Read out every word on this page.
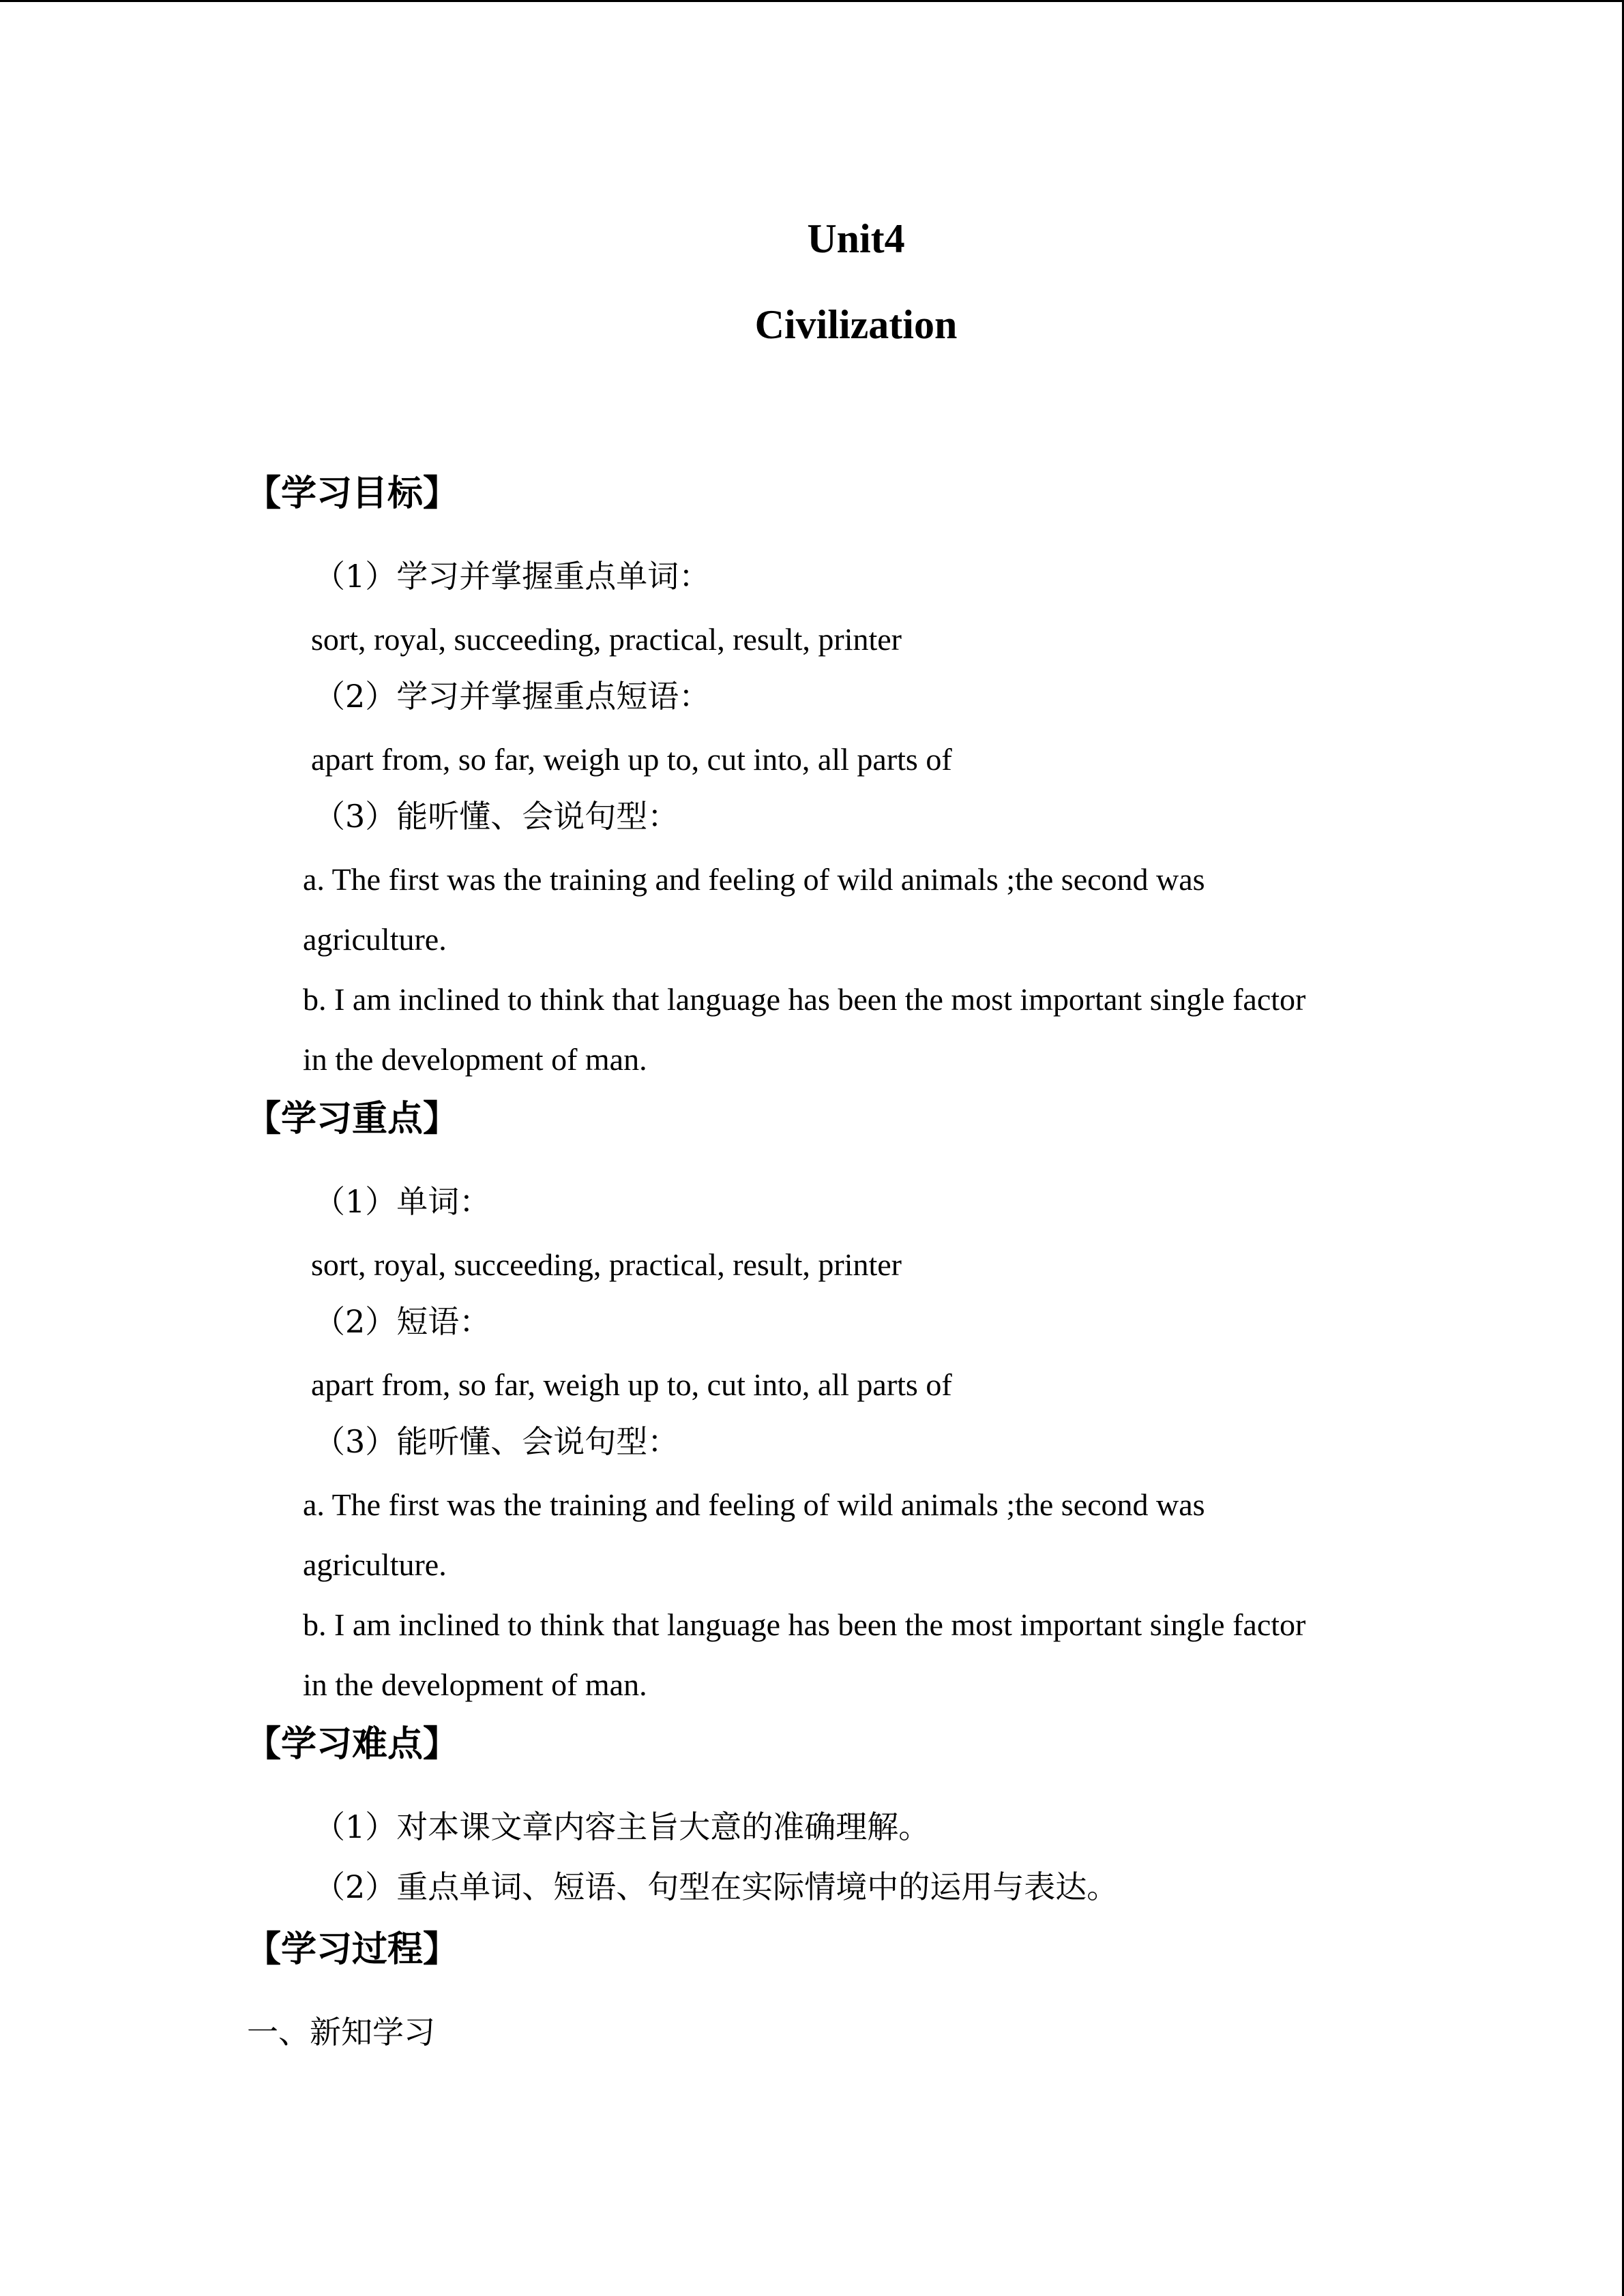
Unit4
Civilization
【学习目标】
（1）学习并掌握重点单词：
sort, royal, succeeding, practical, result, printer
（2）学习并掌握重点短语：
apart from, so far, weigh up to, cut into, all parts of
（3）能听懂、会说句型：
a. The first was the training and feeling of wild animals ;the second was
agriculture.
b. I am inclined to think that language has been the most important single factor
in the development of man.
【学习重点】
（1）单词：
sort, royal, succeeding, practical, result, printer
（2）短语：
apart from, so far, weigh up to, cut into, all parts of
（3）能听懂、会说句型：
a. The first was the training and feeling of wild animals ;the second was
agriculture.
b. I am inclined to think that language has been the most important single factor
in the development of man.
【学习难点】
（1）对本课文章内容主旨大意的准确理解。
（2）重点单词、短语、句型在实际情境中的运用与表达。
【学习过程】
一、新知学习
